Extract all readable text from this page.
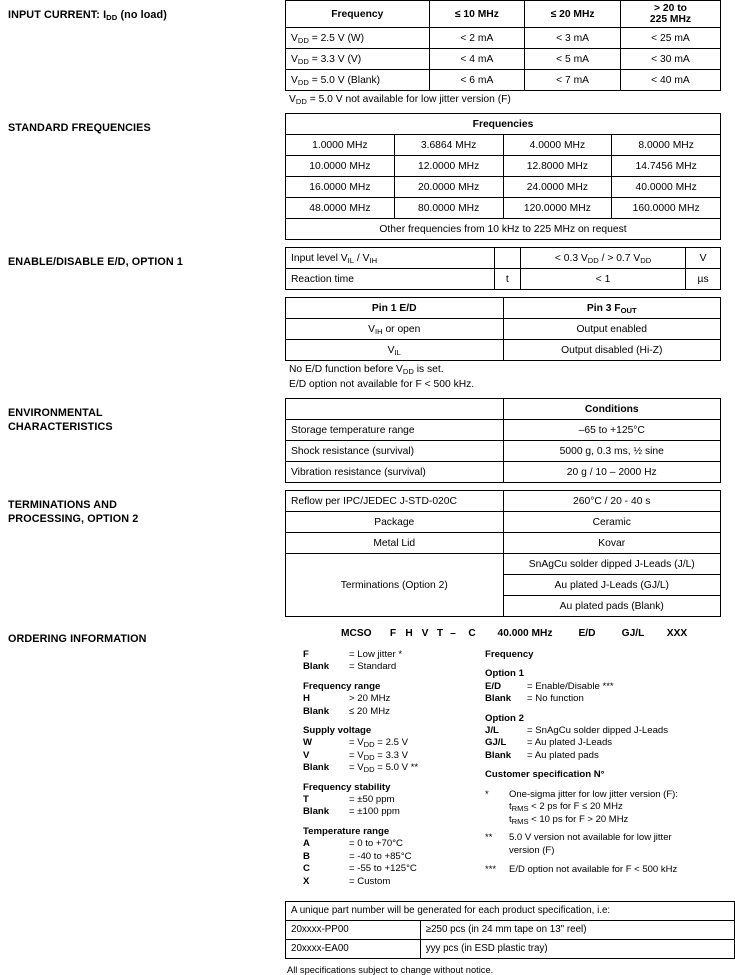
INPUT CURRENT: $I_{DD}$ (no load)	Frequency	≤ 10 MHz	≤ 20 MHz	> 20 to
225 MHz
$V_{DD} = 2.5$ V (W)	< 2 mA	< 3 mA	< 25 mA
$V_{DD} = 3.3$ V (V)	< 4 mA	< 5 mA	< 30 mA
$V_{DD} = 5.0$ V (Blank)	< 6 mA	< 7 mA	< 40 mA
$V_{DD} = 5.0$ V not available for low jitter version (F)
STANDARD FREQUENCIES	Frequencies			
1.0000 MHz	3.6864 MHz	4.0000 MHz	8.0000 MHz
10.0000 MHz	12.0000 MHz	12.8000 MHz	14.7456 MHz
16.0000 MHz	20.0000 MHz	24.0000 MHz	40.0000 MHz
48.0000 MHz	80.0000 MHz	120.0000 MHz	160.0000 MHz
Other frequencies from 10 kHz to 225 MHz on request			
ENABLE/DISABLE E/D, OPTION 1	Input level $V_{IL} / V_{IH}$		< 0.3 $V_{DD}$ / > 0.7 $V_{DD}$	V
Reaction time	t	< 1	µs
Pin 1 E/D	Pin 3 $F_{OUT}$
$V_{IH}$ or open	Output enabled
$V_{IL}$	Output disabled (Hi-Z)
No E/D function before $V_{DD}$ is set.
E/D option not available for F < 500 kHz.
ENVIRONMENTAL
CHARACTERISTICS
	Conditions
Storage temperature range	–65 to +125°C
Shock resistance (survival)	5000 g, 0.3 ms, ½ sine
Vibration resistance (survival)	20 g / 10 – 2000 Hz
TERMINATIONS AND
PROCESSING, OPTION 2
Reflow per IPC/JEDEC J-STD-020C	260°C / 20 - 40 s
Package	Ceramic
Metal Lid	Kovar
Terminations (Option 2)	SnAgCu solder dipped J-Leads (J/L)
	Au plated J-Leads (GJ/L)
	Au plated pads (Blank)
ORDERING INFORMATION	MCSO	F H V T –	C	40.000 MHz	E/D	GJ/L	XXX
F	= Low jitter *
Blank = Standard
Frequency range
H	> 20 MHz
Blank ≤ 20 MHz
Supply voltage
W	= $V_{DD} = 2.5$ V
V	= $V_{DD} = 3.3$ V
Blank = $V_{DD} = 5.0$ V **
Frequency stability
T	= ±50 ppm
Blank = ±100 ppm
Temperature range
A	= 0 to +70°C
B	= -40 to +85°C
C	= -55 to +125°C
X	= Custom
Frequency
Option 1
E/D	= Enable/Disable ***
Blank = No function
Option 2
J/L	= SnAgCu solder dipped J-Leads
GJ/L = Au plated J-Leads
Blank = Au plated pads
Customer specification N°
* One-sigma jitter for low jitter version (F):
$t_{RMS} < 2$ ps for F ≤ 20 MHz
$t_{RMS} < 10$ ps for F > 20 MHz
** 5.0 V version not available for low jitter
version (F)
*** E/D option not available for F < 500 kHz
A unique part number will be generated for each product specification, i.e:	
20xxxx-PP00	≥250 pcs (in 24 mm tape on 13" reel)
20xxxx-EA00	yyy pcs (in ESD plastic tray)
All specifications subject to change without notice.
